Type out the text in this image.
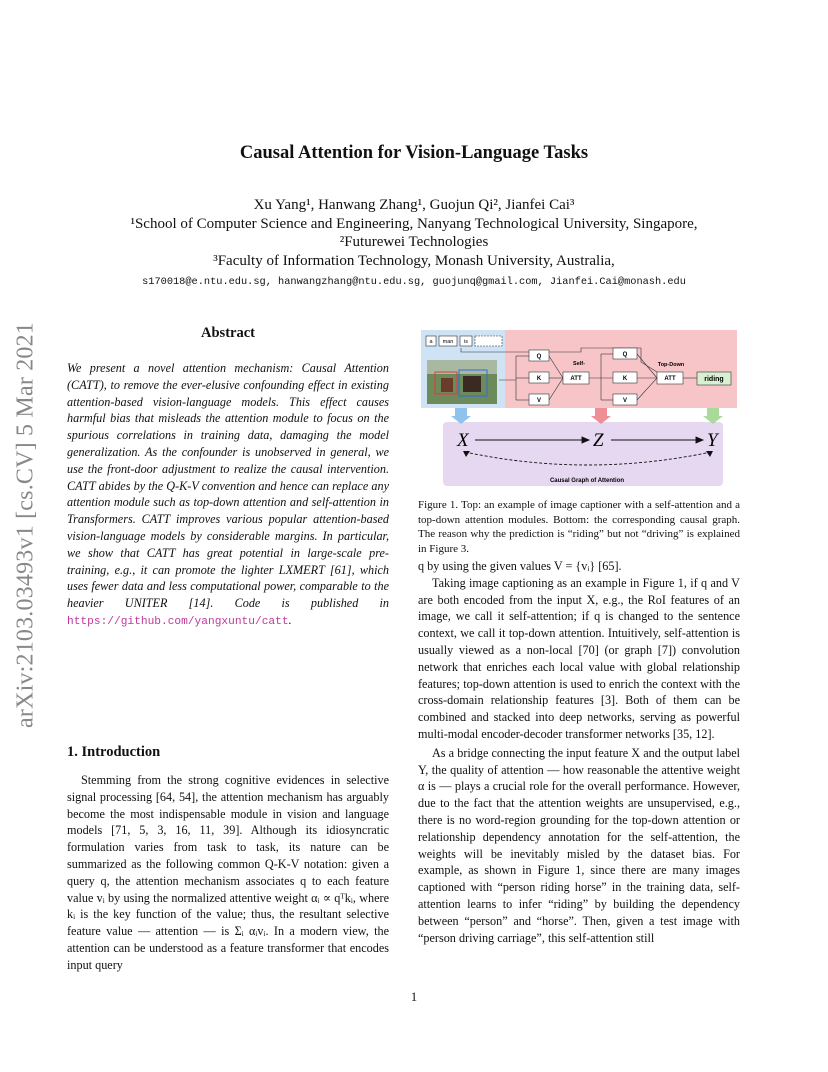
Causal Attention for Vision-Language Tasks
Xu Yang¹, Hanwang Zhang¹, Guojun Qi², Jianfei Cai³
¹School of Computer Science and Engineering, Nanyang Technological University, Singapore,
²Futurewei Technologies
³Faculty of Information Technology, Monash University, Australia,
s170018@e.ntu.edu.sg, hanwangzhang@ntu.edu.sg, guojunq@gmail.com, Jianfei.Cai@monash.edu
arXiv:2103.03493v1 [cs.CV] 5 Mar 2021	Abstract
We present a novel attention mechanism: Causal Attention (CATT), to remove the ever-elusive confounding effect in existing attention-based vision-language models. This effect causes harmful bias that misleads the attention module to focus on the spurious correlations in training data, damaging the model generalization. As the confounder is unobserved in general, we use the front-door adjustment to realize the causal intervention. CATT abides by the Q-K-V convention and hence can replace any attention module such as top-down attention and self-attention in Transformers. CATT improves various popular attention-based vision-language models by considerable margins. In particular, we show that CATT has great potential in large-scale pre-training, e.g., it can promote the lighter LXMERT [61], which uses fewer data and less computational power, comparable to the heavier UNITER [14]. Code is published in https://github.com/yangxuntu/catt.
1. Introduction

Stemming from the strong cognitive evidences in selective signal processing [64, 54], the attention mechanism has arguably become the most indispensable module in vision and language models [71, 5, 3, 16, 11, 39]. Although its idiosyncratic formulation varies from task to task, its nature can be summarized as the following common Q-K-V notation: given a query q, the attention mechanism associates q to each feature value vᵢ by using the normalized attentive weight αᵢ ∝ qᵀkᵢ, where kᵢ is the key function of the value; thus, the resultant selective feature value — attention — is Σᵢ αᵢvᵢ. In a modern view, the attention can be understood as a feature transformer that encodes input query

a man is
Q
K
V
Self-
ATT
Q
K
V
Top-Down
ATT	riding
X	Z	Y
Causal Graph of Attention
Figure 1. Top: an example of image captioner with a self-attention and a top-down attention modules. Bottom: the corresponding causal graph. The reason why the prediction is “riding” but not “driving” is explained in Figure 3.

q by using the given values V = {vᵢ} [65].

Taking image captioning as an example in Figure 1, if q and V are both encoded from the input X, e.g., the RoI features of an image, we call it self-attention; if q is changed to the sentence context, we call it top-down attention. Intuitively, self-attention is usually viewed as a non-local [70] (or graph [7]) convolution network that enriches each local value with global relationship features; top-down attention is used to enrich the context with the cross-domain relationship features [3]. Both of them can be combined and stacked into deep networks, serving as powerful multi-modal encoder-decoder transformer networks [35, 12].

As a bridge connecting the input feature X and the output label Y, the quality of attention — how reasonable the attentive weight α is — plays a crucial role for the overall performance. However, due to the fact that the attention weights are unsupervised, e.g., there is no word-region grounding for the top-down attention or relationship dependency annotation for the self-attention, the weights will be inevitably misled by the dataset bias. For example, as shown in Figure 1, since there are many images captioned with “person riding horse” in the training data, self-attention learns to infer “riding” by building the dependency between “person” and “horse”. Then, given a test image with “person driving carriage”, this self-attention still

1
